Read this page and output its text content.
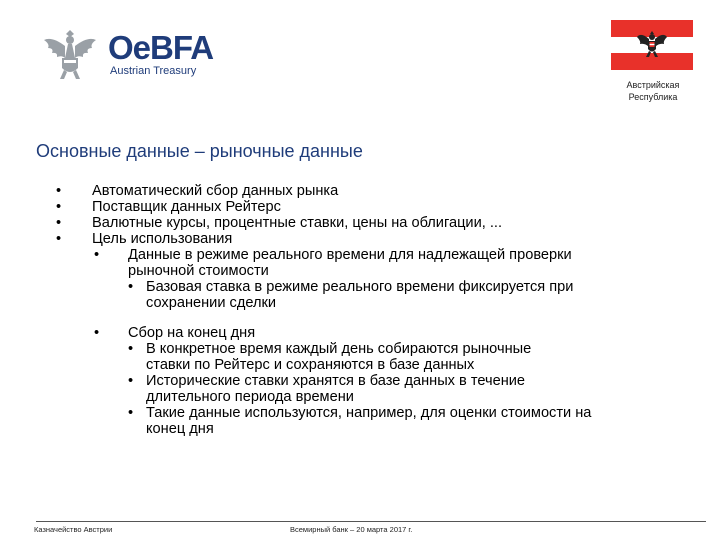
OeBFA
Austrian Treasury
Австрийская
Республика
Основные данные – рыночные данные
• Автоматический сбор данных рынка
• Поставщик данных Рейтерс
• Валютные курсы, процентные ставки, цены на облигации, ...
• Цель использования
• Данные в режиме реального времени для надлежащей проверки рыночной стоимости
• Базовая ставка в режиме реального времени фиксируется при сохранении сделки
• Сбор на конец дня
• В конкретное время каждый день собираются рыночные ставки по Рейтерс и сохраняются в базе данных
• Исторические ставки хранятся в базе данных в течение длительного периода времени
• Такие данные используются, например, для оценки стоимости на конец дня
Казначейство Австрии	Всемирный банк – 20 марта 2017 г.
